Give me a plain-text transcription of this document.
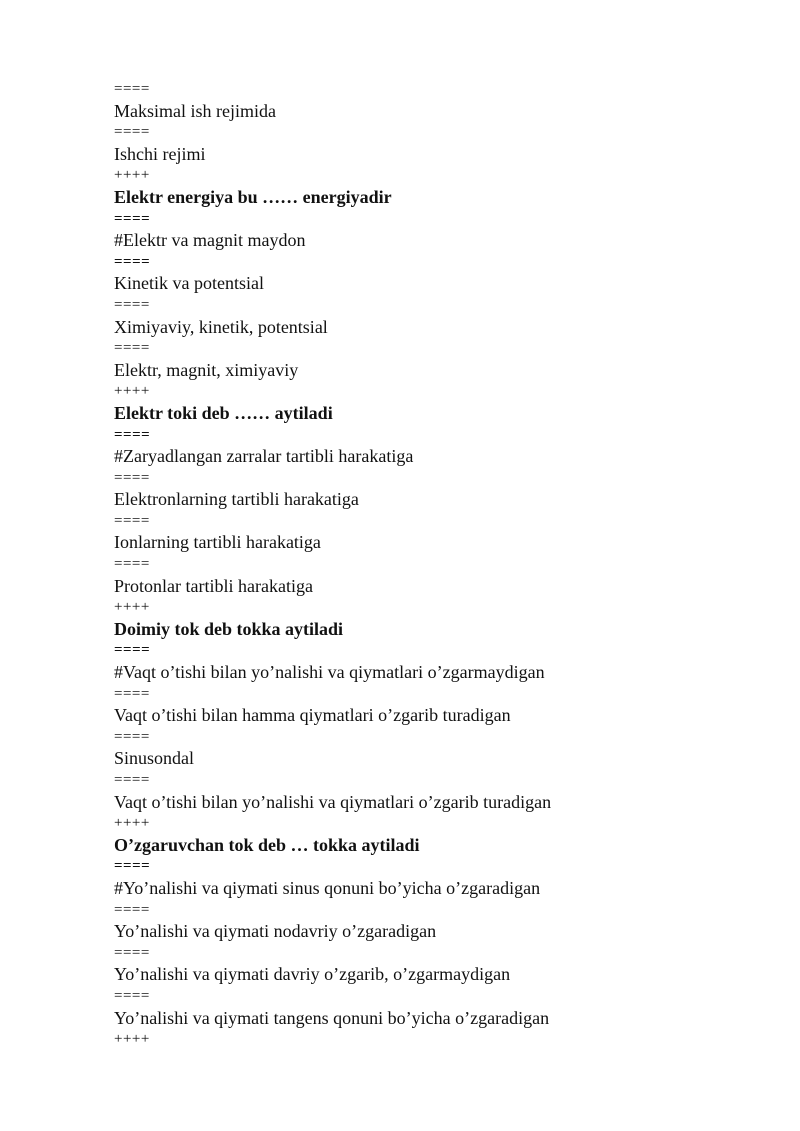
====
Maksimal ish rejimida
====
Ishchi rejimi
++++
Elektr energiya bu …… energiyadir
====
#Elektr va magnit maydon
====
Kinetik va potentsial
====
Ximiyaviy, kinetik, potentsial
====
Elektr, magnit, ximiyaviy
++++
Elektr toki deb …… aytiladi
====
#Zaryadlangan zarralar tartibli harakatiga
====
Elektronlarning tartibli harakatiga
====
Ionlarning tartibli harakatiga
====
Protonlar tartibli harakatiga
++++
Doimiy tok deb tokka aytiladi
====
#Vaqt o’tishi bilan yo’nalishi va qiymatlari o’zgarmaydigan
====
Vaqt o’tishi bilan hamma qiymatlari o’zgarib turadigan
====
Sinusondal
====
Vaqt o’tishi bilan yo’nalishi va qiymatlari o’zgarib turadigan
++++
O’zgaruvchan tok deb … tokka aytiladi
====
#Yo’nalishi va qiymati sinus qonuni bo’yicha o’zgaradigan
====
Yo’nalishi va qiymati nodavriy o’zgaradigan
====
Yo’nalishi va qiymati davriy o’zgarib, o’zgarmaydigan
====
Yo’nalishi va qiymati tangens qonuni bo’yicha o’zgaradigan
++++
